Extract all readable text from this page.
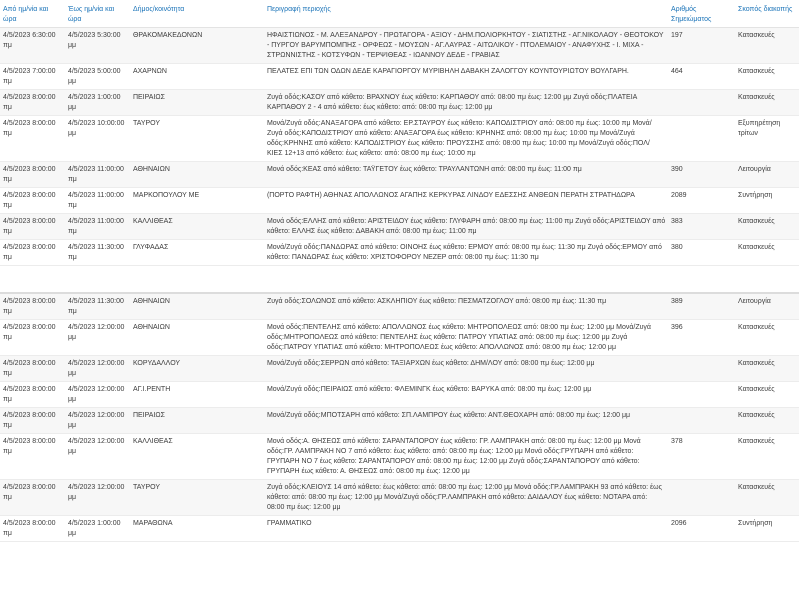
Από ημ/νία και ώρα	Έως ημ/νία και ώρα	Δήμος/κοινότητα	Περιγραφή περιοχής	Αριθμός Σημειώματος	Σκοπός διακοπής
4/5/2023 6:30:00 πμ	4/5/2023 5:30:00 μμ	ΘΡΑΚΟΜΑΚΕΔΟΝΩΝ	ΗΦΑΙΣΤΙΩΝΟΣ - Μ. ΑΛΕΞΑΝΔΡΟΥ - ΠΡΩΤΑΓΟΡΑ - ΑΞΙΟΥ - ΔΗΜ.ΠΟΛΙΟΡΚΗΤΟΥ - ΣΙΑΤΙΣΤΗΣ - ΑΓ.ΝΙΚΟΛΑΟΥ - ΘΕΟΤΟΚΟΥ - ΠΥΡΓΟΥ ΒΑΡΥΜΠΟΜΠΗΣ - ΟΡΦΕΩΣ - ΜΟΥΣΩΝ - ΑΓ.ΛΑΥΡΑΣ - ΑΙΤΩΛΙΚΟΥ - ΠΤΟΛΕΜΑΙΟΥ - ΑΝΑΦΥΧΗΣ - Ι. ΜΙΧΑ - ΣΤΡΩΝΝΙΣΤΗΣ - ΚΟΤΣΥΦΩΝ - ΤΕΡΨΙΘΕΑΣ - ΙΩΑΝΝΟΥ ΔΕΔΕ - ΓΡΑΒΙΑΣ	197	Κατασκευές
4/5/2023 7:00:00 πμ	4/5/2023 5:00:00 μμ	ΑΧΑΡΝΩΝ	ΠΕΛΑΤΕΣ ΕΠΙ ΤΩΝ ΟΔΩΝ ΔΕΔΕ ΚΑΡΑΓΙΟΡΓΟΥ ΜΥΡΙΒΗΛΗ ΔΑΒΑΚΗ ΖΑΛΟΓΓΟΥ ΚΟΥΝΤΟΥΡΙΩΤΟΥ ΒΟΥΛΓΑΡΗ.	464	Κατασκευές
4/5/2023 8:00:00 πμ	4/5/2023 1:00:00 μμ	ΠΕΙΡΑΙΩΣ	Ζυγά οδός:ΚΑΣΟΥ από κάθετο: ΒΡΑΧΝΟΥ έως κάθετο: ΚΑΡΠΑΘΟΥ από: 08:00 πμ έως: 12:00 μμ Ζυγά οδός:ΠΛΑΤΕΙΑ ΚΑΡΠΑΘΟΥ 2 - 4 από κάθετο: έως κάθετο: από: 08:00 πμ έως: 12:00 μμ		Κατασκευές
4/5/2023 8:00:00 πμ	4/5/2023 10:00:00 μμ	ΤΑΥΡΟΥ	Μονά/Ζυγά οδός:ΑΝΑΞΑΓΟΡΑ από κάθετο: ΕΡ.ΣΤΑΥΡΟΥ έως κάθετο: ΚΑΠΟΔΙΣΤΡΙΟΥ από: 08:00 πμ έως: 10:00 πμ Μονά/Ζυγά οδός:ΚΑΠΟΔΙΣΤΡΙΟΥ από κάθετο: ΑΝΑΞΑΓΟΡΑ έως κάθετο: ΚΡΗΝΗΣ από: 08:00 πμ έως: 10:00 πμ Μονά/Ζυγά οδός:ΚΡΗΝΗΣ από κάθετο: ΚΑΠΟΔΙΣΤΡΙΟΥ έως κάθετο: ΠΡΟΥΣΣΗΣ από: 08:00 πμ έως: 10:00 πμ Μονά/Ζυγά οδός:ΠΟΛ/ ΚΙΕΣ 12+13 από κάθετο: έως κάθετο: από: 08:00 πμ έως: 10:00 πμ		Εξυπηρέτηση τρίτων
4/5/2023 8:00:00 πμ	4/5/2023 11:00:00 πμ	ΑΘΗΝΑΙΩΝ	Μονά οδός:ΚΕΑΣ από κάθετο: ΤΑΫΓΕΤΟΥ έως κάθετο: ΤΡΑΥΛΑΝΤΩΝΗ από: 08:00 πμ έως: 11:00 πμ	390	Λειτουργία
4/5/2023 8:00:00 πμ	4/5/2023 11:00:00 πμ	ΜΑΡΚΟΠΟΥΛΟΥ ΜΕ	(ΠΟΡΤΟ ΡΑΦΤΗ) ΑΘΗΝΑΣ ΑΠΟΛΛΩΝΟΣ ΑΓΑΠΗΣ ΚΕΡΚΥΡΑΣ ΛΙΝΔΟΥ ΕΔΕΣΣΗΣ ΑΝΘΕΩΝ ΠΕΡΑΤΗ ΣΤΡΑΤΗΔΩΡΑ	2089	Συντήρηση
4/5/2023 8:00:00 πμ	4/5/2023 11:00:00 πμ	ΚΑΛΛΙΘΕΑΣ	Μονά οδός:ΕΛΛΗΣ από κάθετο: ΑΡΙΣΤΕΙΔΟΥ έως κάθετο: ΓΛΥΦΑΡΗ από: 08:00 πμ έως: 11:00 πμ Ζυγά οδός:ΑΡΙΣΤΕΙΔΟΥ από κάθετο: ΕΛΛΗΣ έως κάθετο: ΔΑΒΑΚΗ από: 08:00 πμ έως: 11:00 πμ	383	Κατασκευές
4/5/2023 8:00:00 πμ	4/5/2023 11:30:00 πμ	ΓΛΥΦΑΔΑΣ	Μονά/Ζυγά οδός:ΠΑΝΔΩΡΑΣ από κάθετο: ΟΙΝΟΗΣ έως κάθετο: ΕΡΜΟΥ από: 08:00 πμ έως: 11:30 πμ Ζυγά οδός:ΕΡΜΟΥ από κάθετο: ΠΑΝΔΩΡΑΣ έως κάθετο: ΧΡΙΣΤΟΦΟΡΟΥ ΝΕΖΕΡ από: 08:00 πμ έως: 11:30 πμ	380	Κατασκευές
4/5/2023 8:00:00 πμ	4/5/2023 11:30:00 πμ	ΑΘΗΝΑΙΩΝ	Ζυγά οδός:ΣΟΛΩΝΟΣ από κάθετο: ΑΣΚΛΗΠΙΟΥ έως κάθετο: ΠΕΣΜΑΤΖΟΓΛΟΥ από: 08:00 πμ έως: 11:30 πμ	389	Λειτουργία
4/5/2023 8:00:00 πμ	4/5/2023 12:00:00 μμ	ΑΘΗΝΑΙΩΝ	Μονά οδός:ΠΕΝΤΕΛΗΣ από κάθετο: ΑΠΟΛΛΩΝΟΣ έως κάθετο: ΜΗΤΡΟΠΟΛΕΩΣ από: 08:00 πμ έως: 12:00 μμ Μονά/Ζυγά οδός:ΜΗΤΡΟΠΟΛΕΩΣ από κάθετο: ΠΕΝΤΕΛΗΣ έως κάθετο: ΠΑΤΡΟΥ ΥΠΑΤΙΑΣ από: 08:00 πμ έως: 12:00 μμ Ζυγά οδός:ΠΑΤΡΟΥ ΥΠΑΤΙΑΣ από κάθετο: ΜΗΤΡΟΠΟΛΕΩΣ έως κάθετο: ΑΠΟΛΛΩΝΟΣ από: 08:00 πμ έως: 12:00 μμ	396	Κατασκευές
4/5/2023 8:00:00 πμ	4/5/2023 12:00:00 μμ	ΚΟΡΥΔΑΛΛΟΥ	Μονά/Ζυγά οδός:ΣΕΡΡΩΝ από κάθετο: ΤΑΞΙΑΡΧΩΝ έως κάθετο: ΔΗΜ/ΛΟΥ από: 08:00 πμ έως: 12:00 μμ		Κατασκευές
4/5/2023 8:00:00 πμ	4/5/2023 12:00:00 μμ	ΑΓ.Ι.ΡΕΝΤΗ	Μονά/Ζυγά οδός:ΠΕΙΡΑΙΩΣ από κάθετο: ΦΛΕΜΙΝΓΚ έως κάθετο: ΒΑΡΥΚΑ από: 08:00 πμ έως: 12:00 μμ		Κατασκευές
4/5/2023 8:00:00 πμ	4/5/2023 12:00:00 μμ	ΠΕΙΡΑΙΩΣ	Μονά/Ζυγά οδός:ΜΠΟΤΣΑΡΗ από κάθετο: ΣΠ.ΛΑΜΠΡΟΥ έως κάθετο: ΑΝΤ.ΘΕΟΧΑΡΗ από: 08:00 πμ έως: 12:00 μμ		Κατασκευές
4/5/2023 8:00:00 πμ	4/5/2023 12:00:00 μμ	ΚΑΛΛΙΘΕΑΣ	Μονά οδός:Α. ΘΗΣΕΩΣ από κάθετο: ΣΑΡΑΝΤΑΠΟΡΟΥ έως κάθετο: ΓΡ. ΛΑΜΠΡΑΚΗ από: 08:00 πμ έως: 12:00 μμ Μονά οδός:ΓΡ. ΛΑΜΠΡΑΚΗ ΝΟ 7 από κάθετο: έως κάθετο: από: 08:00 πμ έως: 12:00 μμ Μονά οδός:ΓΡΥΠΑΡΗ από κάθετο: ΓΡΥΠΑΡΗ ΝΟ 7 έως κάθετο: ΣΑΡΑΝΤΑΠΟΡΟΥ από: 08:00 πμ έως: 12:00 μμ Ζυγά οδός:ΣΑΡΑΝΤΑΠΟΡΟΥ από κάθετο: ΓΡΥΠΑΡΗ έως κάθετο: Α. ΘΗΣΕΩΣ από: 08:00 πμ έως: 12:00 μμ	378	Κατασκευές
4/5/2023 8:00:00 πμ	4/5/2023 12:00:00 μμ	ΤΑΥΡΟΥ	Ζυγά οδός:ΚΛΕΙΟΥΣ 14 από κάθετο: έως κάθετο: από: 08:00 πμ έως: 12:00 μμ Μονά οδός:ΓΡ.ΛΑΜΠΡΑΚΗ 93 από κάθετο: έως κάθετο: από: 08:00 πμ έως: 12:00 μμ Μονά/Ζυγά οδός:ΓΡ.ΛΑΜΠΡΑΚΗ από κάθετο: ΔΑΙΔΑΛΟΥ έως κάθετο: ΝΟΤΑΡΑ από: 08:00 πμ έως: 12:00 μμ		Κατασκευές
4/5/2023 8:00:00 πμ	4/5/2023 1:00:00 μμ	ΜΑΡΑΘΩΝΑ	ΓΡΑΜΜΑΤΙΚΟ	2096	Συντήρηση
